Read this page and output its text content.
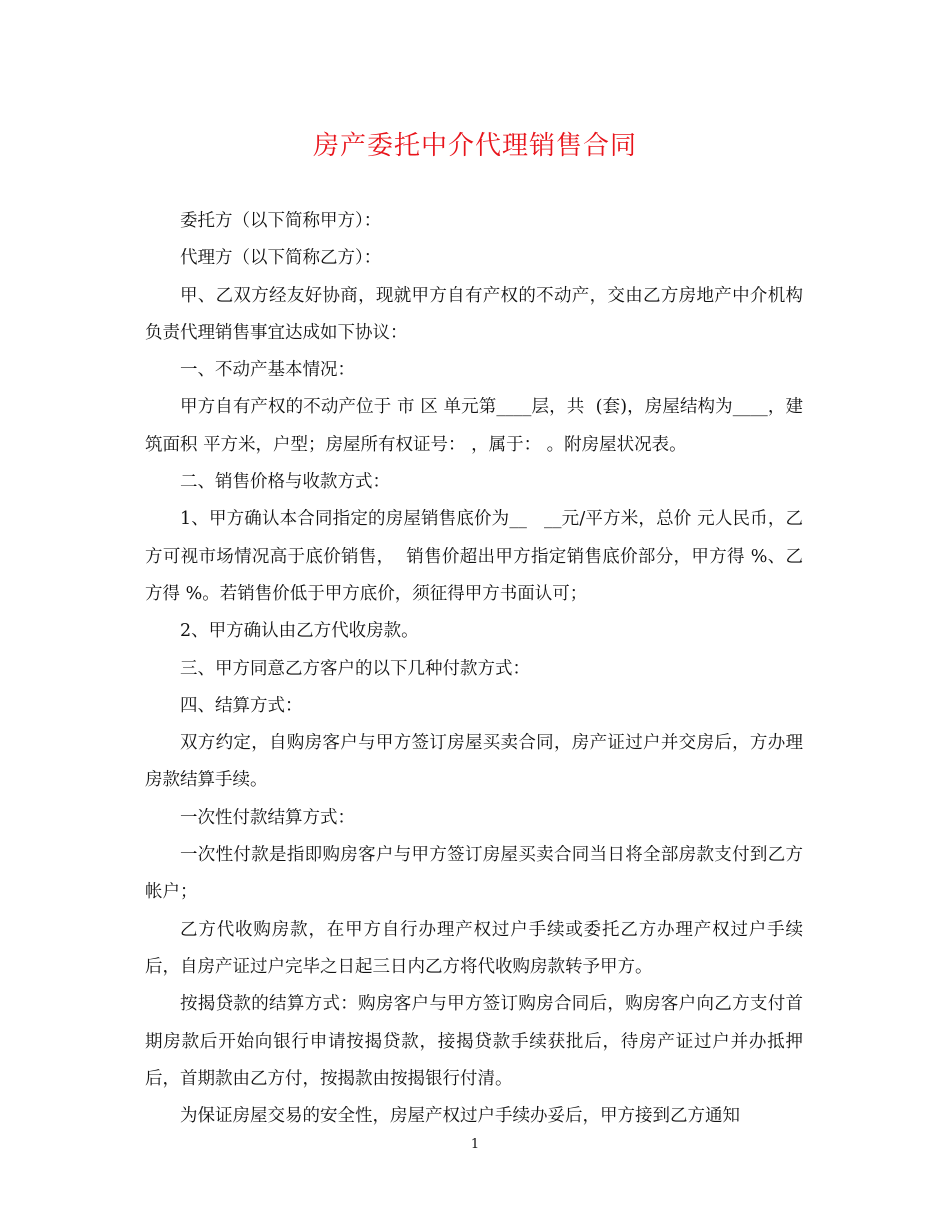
房产委托中介代理销售合同

委托方（以下简称甲方）：

代理方（以下简称乙方）：

甲、乙双方经友好协商，现就甲方自有产权的不动产，交由乙方房地产中介机构负责代理销售事宜达成如下协议：

一、不动产基本情况：

甲方自有产权的不动产位于 市 区 单元第____层，共  (套)，房屋结构为____，建筑面积 平方米，户型；房屋所有权证号： ，属于： 。附房屋状况表。

二、销售价格与收款方式：

1、甲方确认本合同指定的房屋销售底价为__   __元/平方米，总价 元人民币，乙方可视市场情况高于底价销售，  销售价超出甲方指定销售底价部分，甲方得 %、乙方得 %。若销售价低于甲方底价，须征得甲方书面认可；

2、甲方确认由乙方代收房款。

三、甲方同意乙方客户的以下几种付款方式：

四、结算方式：

双方约定，自购房客户与甲方签订房屋买卖合同，房产证过户并交房后，方办理房款结算手续。

一次性付款结算方式：

一次性付款是指即购房客户与甲方签订房屋买卖合同当日将全部房款支付到乙方帐户；

乙方代收购房款，在甲方自行办理产权过户手续或委托乙方办理产权过户手续后，自房产证过户完毕之日起三日内乙方将代收购房款转予甲方。

按揭贷款的结算方式：购房客户与甲方签订购房合同后，购房客户向乙方支付首期房款后开始向银行申请按揭贷款，接揭贷款手续获批后，待房产证过户并办抵押后，首期款由乙方付，按揭款由按揭银行付清。

为保证房屋交易的安全性，房屋产权过户手续办妥后，甲方接到乙方通知

1
